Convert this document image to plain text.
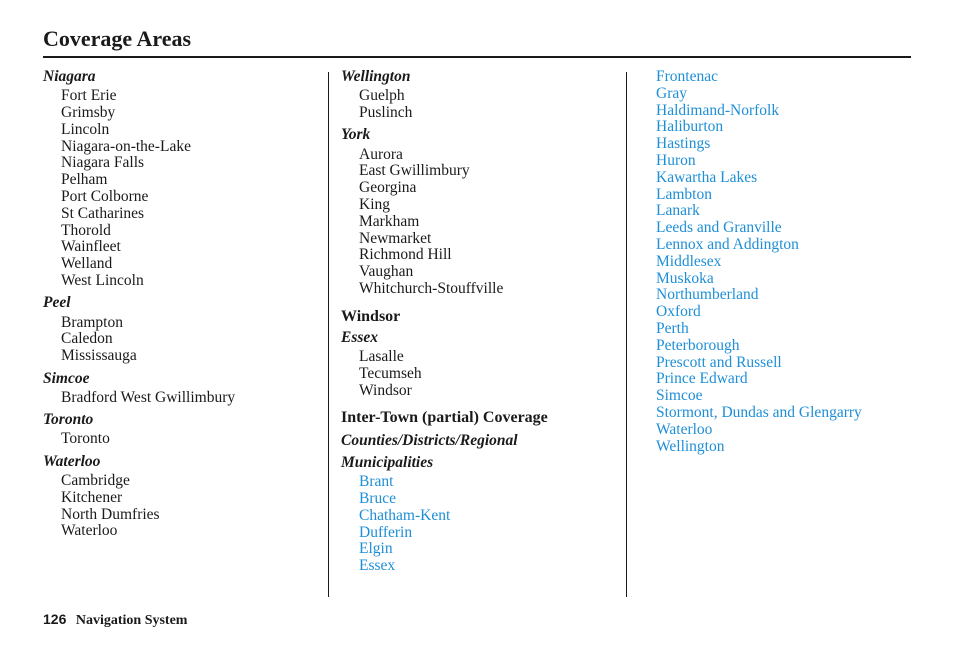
Coverage Areas
Niagara
Fort Erie
Grimsby
Lincoln
Niagara-on-the-Lake
Niagara Falls
Pelham
Port Colborne
St Catharines
Thorold
Wainfleet
Welland
West Lincoln
Peel
Brampton
Caledon
Mississauga
Simcoe
Bradford West Gwillimbury
Toronto
Toronto
Waterloo
Cambridge
Kitchener
North Dumfries
Waterloo
Wellington
Guelph
Puslinch
York
Aurora
East Gwillimbury
Georgina
King
Markham
Newmarket
Richmond Hill
Vaughan
Whitchurch-Stouffville
Windsor
Essex
Lasalle
Tecumseh
Windsor
Inter-Town (partial) Coverage
Counties/Districts/Regional
Municipalities
Brant
Bruce
Chatham-Kent
Dufferin
Elgin
Essex
Frontenac
Gray
Haldimand-Norfolk
Haliburton
Hastings
Huron
Kawartha Lakes
Lambton
Lanark
Leeds and Granville
Lennox and Addington
Middlesex
Muskoka
Northumberland
Oxford
Perth
Peterborough
Prescott and Russell
Prince Edward
Simcoe
Stormont, Dundas and Glengarry
Waterloo
Wellington
126 Navigation System
